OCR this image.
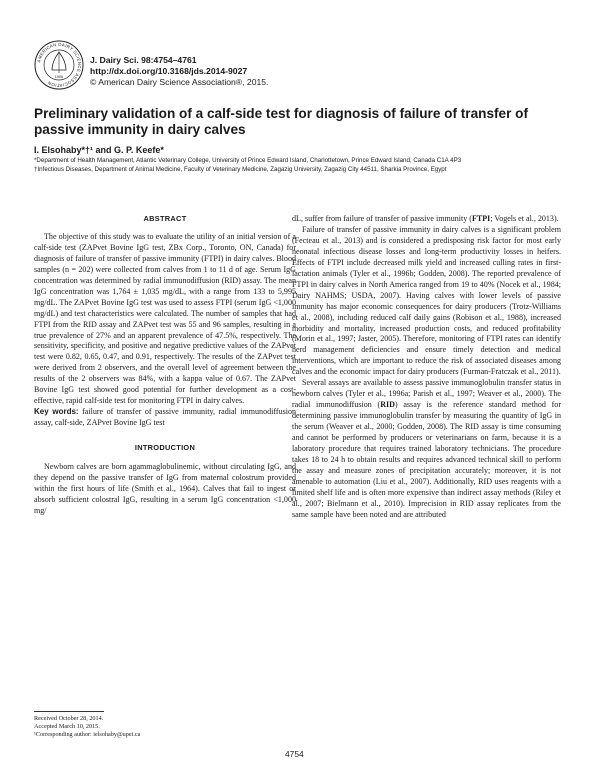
AMERICAN DAIRY SCIENCE ASSOCIATION
1906
J. Dairy Sci. 98:4754–4761
http://dx.doi.org/10.3168/jds.2014-9027
© American Dairy Science Association®, 2015.
Preliminary validation of a calf-side test for diagnosis of failure of transfer of passive immunity in dairy calves
I. Elsohaby*†¹ and G. P. Keefe*
*Department of Health Management, Atlantic Veterinary College, University of Prince Edward Island, Charlottetown, Prince Edward Island, Canada C1A 4P3
†Infectious Diseases, Department of Animal Medicine, Faculty of Veterinary Medicine, Zagazig University, Zagazig City 44511, Sharkia Province, Egypt
ABSTRACT

The objective of this study was to evaluate the utility of an initial version of a calf-side test (ZAPvet Bovine IgG test, ZBx Corp., Toronto, ON, Canada) for diagnosis of failure of transfer of passive immunity (FTPI) in dairy calves. Blood samples (n = 202) were collected from calves from 1 to 11 d of age. Serum IgG concentration was determined by radial immunodiffusion (RID) assay. The mean IgG concentration was 1,764 ± 1,035 mg/dL, with a range from 133 to 5,995 mg/dL. The ZAPvet Bovine IgG test was used to assess FTPI (serum IgG <1,000 mg/dL) and test characteristics were calculated. The number of samples that had FTPI from the RID assay and ZAPvet test was 55 and 96 samples, resulting in a true prevalence of 27% and an apparent prevalence of 47.5%, respectively. The sensitivity, specificity, and positive and negative predictive values of the ZAPvet test were 0.82, 0.65, 0.47, and 0.91, respectively. The results of the ZAPvet test were derived from 2 observers, and the overall level of agreement between the results of the 2 observers was 84%, with a kappa value of 0.67. The ZAPvet Bovine IgG test showed good potential for further development as a cost-effective, rapid calf-side test for monitoring FTPI in dairy calves.

Key words: failure of transfer of passive immunity, radial immunodiffusion assay, calf-side, ZAPvet Bovine IgG test

INTRODUCTION

Newborn calves are born agammaglobulinemic, without circulating IgG, and they depend on the passive transfer of IgG from maternal colostrum provided within the first hours of life (Smith et al., 1964). Calves that fail to ingest or absorb sufficient colostral IgG, resulting in a serum IgG concentration <1,000 mg/

dL, suffer from failure of transfer of passive immunity (FTPI; Vogels et al., 2013).

Failure of transfer of passive immunity in dairy calves is a significant problem (Fecteau et al., 2013) and is considered a predisposing risk factor for most early neonatal infectious disease losses and long-term productivity losses in heifers. Effects of FTPI include decreased milk yield and increased culling rates in first-lactation animals (Tyler et al., 1996b; Godden, 2008). The reported prevalence of FTPI in dairy calves in North America ranged from 19 to 40% (Nocek et al., 1984; Dairy NAHMS; USDA, 2007). Having calves with lower levels of passive immunity has major economic consequences for dairy producers (Trotz-Williams et al., 2008), including reduced calf daily gains (Robison et al., 1988), increased morbidity and mortality, increased production costs, and reduced profitability (Morin et al., 1997; Jaster, 2005). Therefore, monitoring of FTPI rates can identify herd management deficiencies and ensure timely detection and medical interventions, which are important to reduce the risk of associated diseases among calves and the economic impact for dairy producers (Furman-Fratczak et al., 2011).

Several assays are available to assess passive immunoglobulin transfer status in newborn calves (Tyler et al., 1996a; Parish et al., 1997; Weaver et al., 2000). The radial immunodiffusion (RID) assay is the reference standard method for determining passive immunoglobulin transfer by measuring the quantity of IgG in the serum (Weaver et al., 2000; Godden, 2008). The RID assay is time consuming and cannot be performed by producers or veterinarians on farm, because it is a laboratory procedure that requires trained laboratory technicians. The procedure takes 18 to 24 h to obtain results and requires advanced technical skill to perform the assay and measure zones of precipitation accurately; moreover, it is not amenable to automation (Liu et al., 2007). Additionally, RID uses reagents with a limited shelf life and is often more expensive than indirect assay methods (Riley et al., 2007; Bielmann et al., 2010). Imprecision in RID assay replicates from the same sample have been noted and are attributed

Received October 28, 2014.
Accepted March 10, 2015.
¹Corresponding author: ielsohaby@upei.ca
4754
